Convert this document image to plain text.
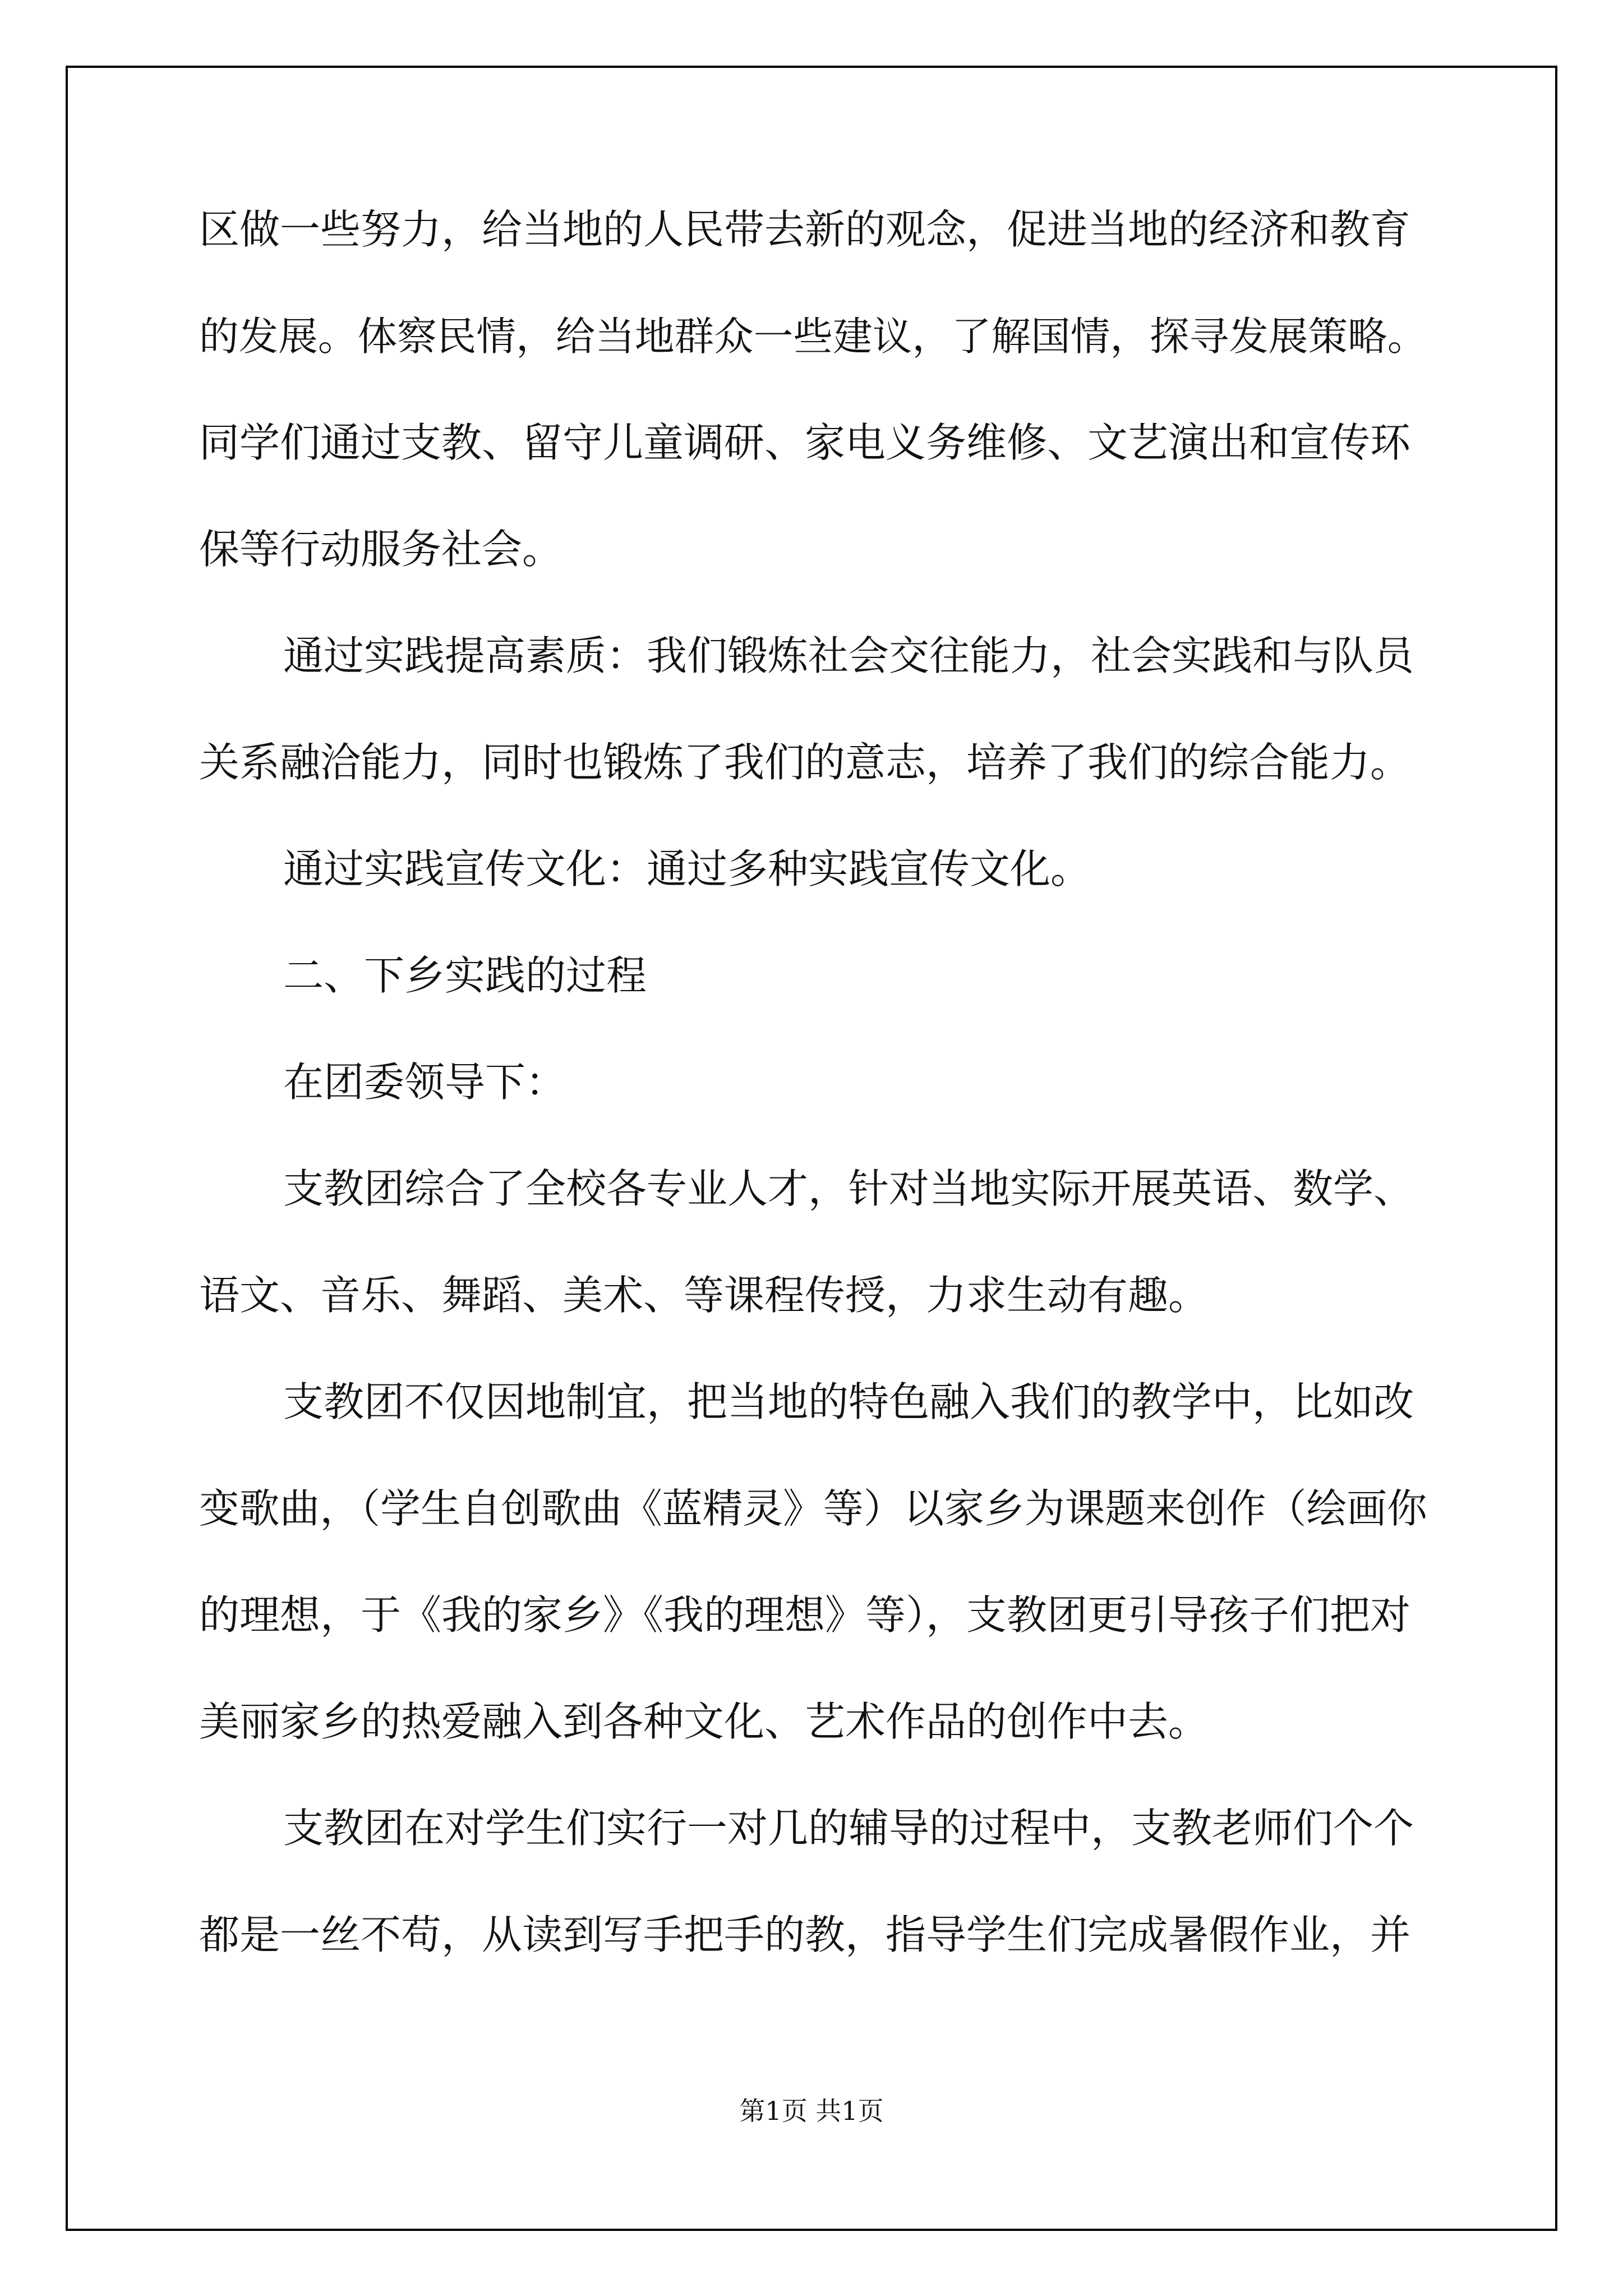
区做一些努力，给当地的人民带去新的观念，促进当地的经济和教育

的发展。体察民情，给当地群众一些建议，了解国情，探寻发展策略。

同学们通过支教、留守儿童调研、家电义务维修、文艺演出和宣传环

保等行动服务社会。

通过实践提高素质：我们锻炼社会交往能力，社会实践和与队员

关系融洽能力，同时也锻炼了我们的意志，培养了我们的综合能力。

通过实践宣传文化：通过多种实践宣传文化。

二、下乡实践的过程

在团委领导下：

支教团综合了全校各专业人才，针对当地实际开展英语、数学、

语文、音乐、舞蹈、美术、等课程传授，力求生动有趣。

支教团不仅因地制宜，把当地的特色融入我们的教学中，比如改

变歌曲，（学生自创歌曲《蓝精灵》等）以家乡为课题来创作（绘画你

的理想，于《我的家乡》《我的理想》等），支教团更引导孩子们把对

美丽家乡的热爱融入到各种文化、艺术作品的创作中去。

支教团在对学生们实行一对几的辅导的过程中，支教老师们个个

都是一丝不苟，从读到写手把手的教，指导学生们完成暑假作业，并

第1页 共1页
